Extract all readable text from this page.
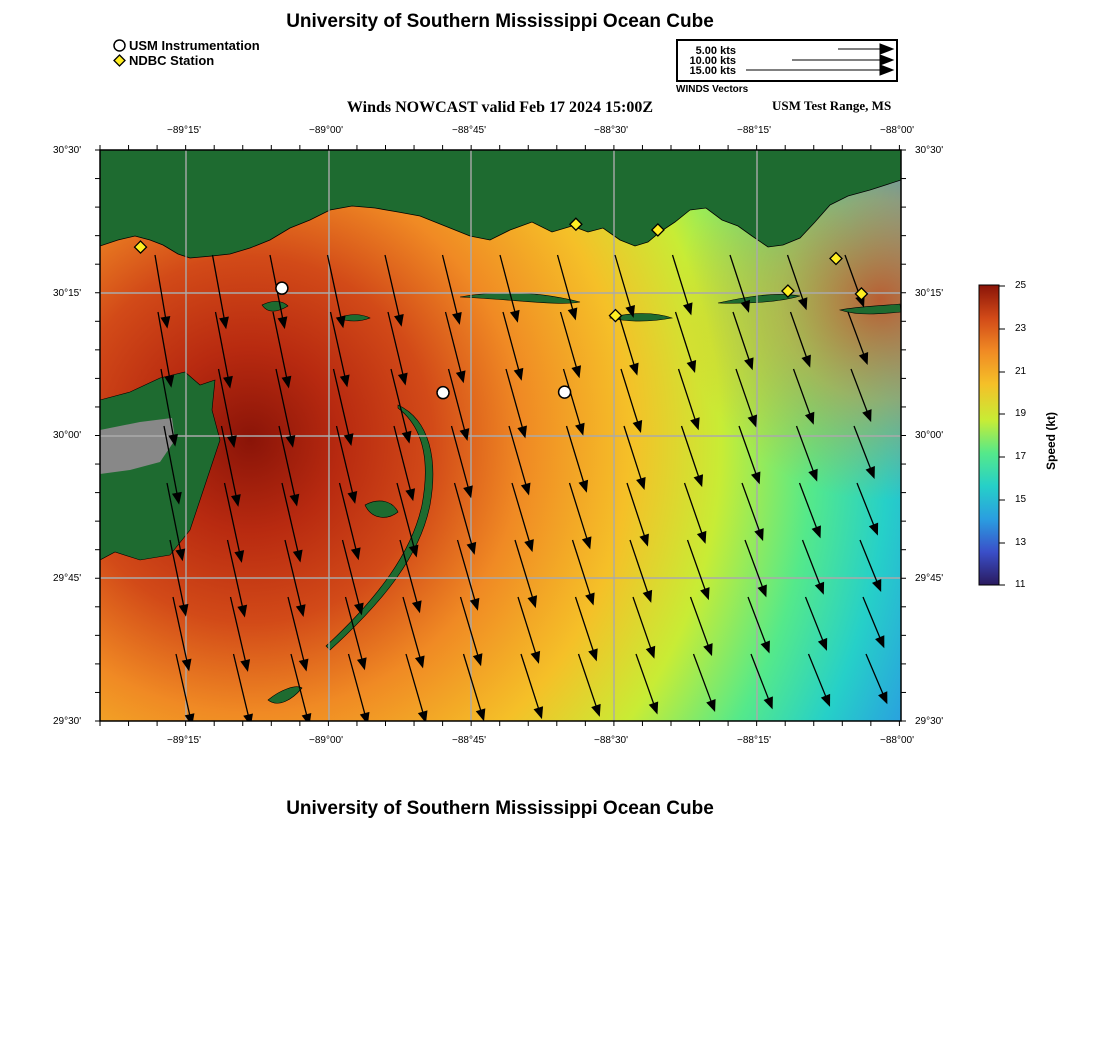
University of Southern Mississippi Ocean Cube
USM Instrumentation
NDBC Station
5.00 kts
10.00 kts
15.00 kts
WINDS Vectors
Winds NOWCAST valid Feb 17 2024 15:00Z	USM Test Range, MS
−89°15'	−89°00'	−88°45'	−88°30'	−88°15'	−88°00'
−89°15'	−89°00'	−88°45'	−88°30'	−88°15'	−88°00'
30°30'
30°15'
30°00'
29°45'
29°30'
30°30'
30°15'
30°00'
29°45'
29°30'
25
23
21
19
17
15
13
11
Speed (kt)
University of Southern Mississippi Ocean Cube
